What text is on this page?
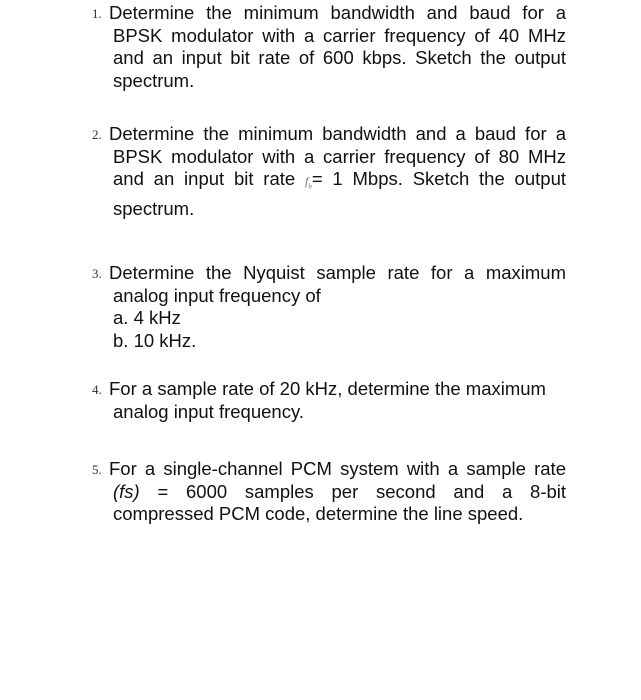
1. Determine the minimum bandwidth and baud for a
BPSK modulator with a carrier frequency of 40 MHz
and an input bit rate of 600 kbps. Sketch the output
spectrum.
2. Determine the minimum bandwidth and a baud for a
BPSK modulator with a carrier frequency of 80 MHz
and an input bit rate $f_b= 1$ Mbps. Sketch the output
spectrum.
3. Determine the Nyquist sample rate for a maximum
analog input frequency of
a. 4 kHz
b. 10 kHz.
4. For a sample rate of 20 kHz, determine the maximum
analog input frequency.
5. For a single-channel PCM system with a sample rate
(fs) = 6000 samples per second and a 8-bit
compressed PCM code, determine the line speed.
